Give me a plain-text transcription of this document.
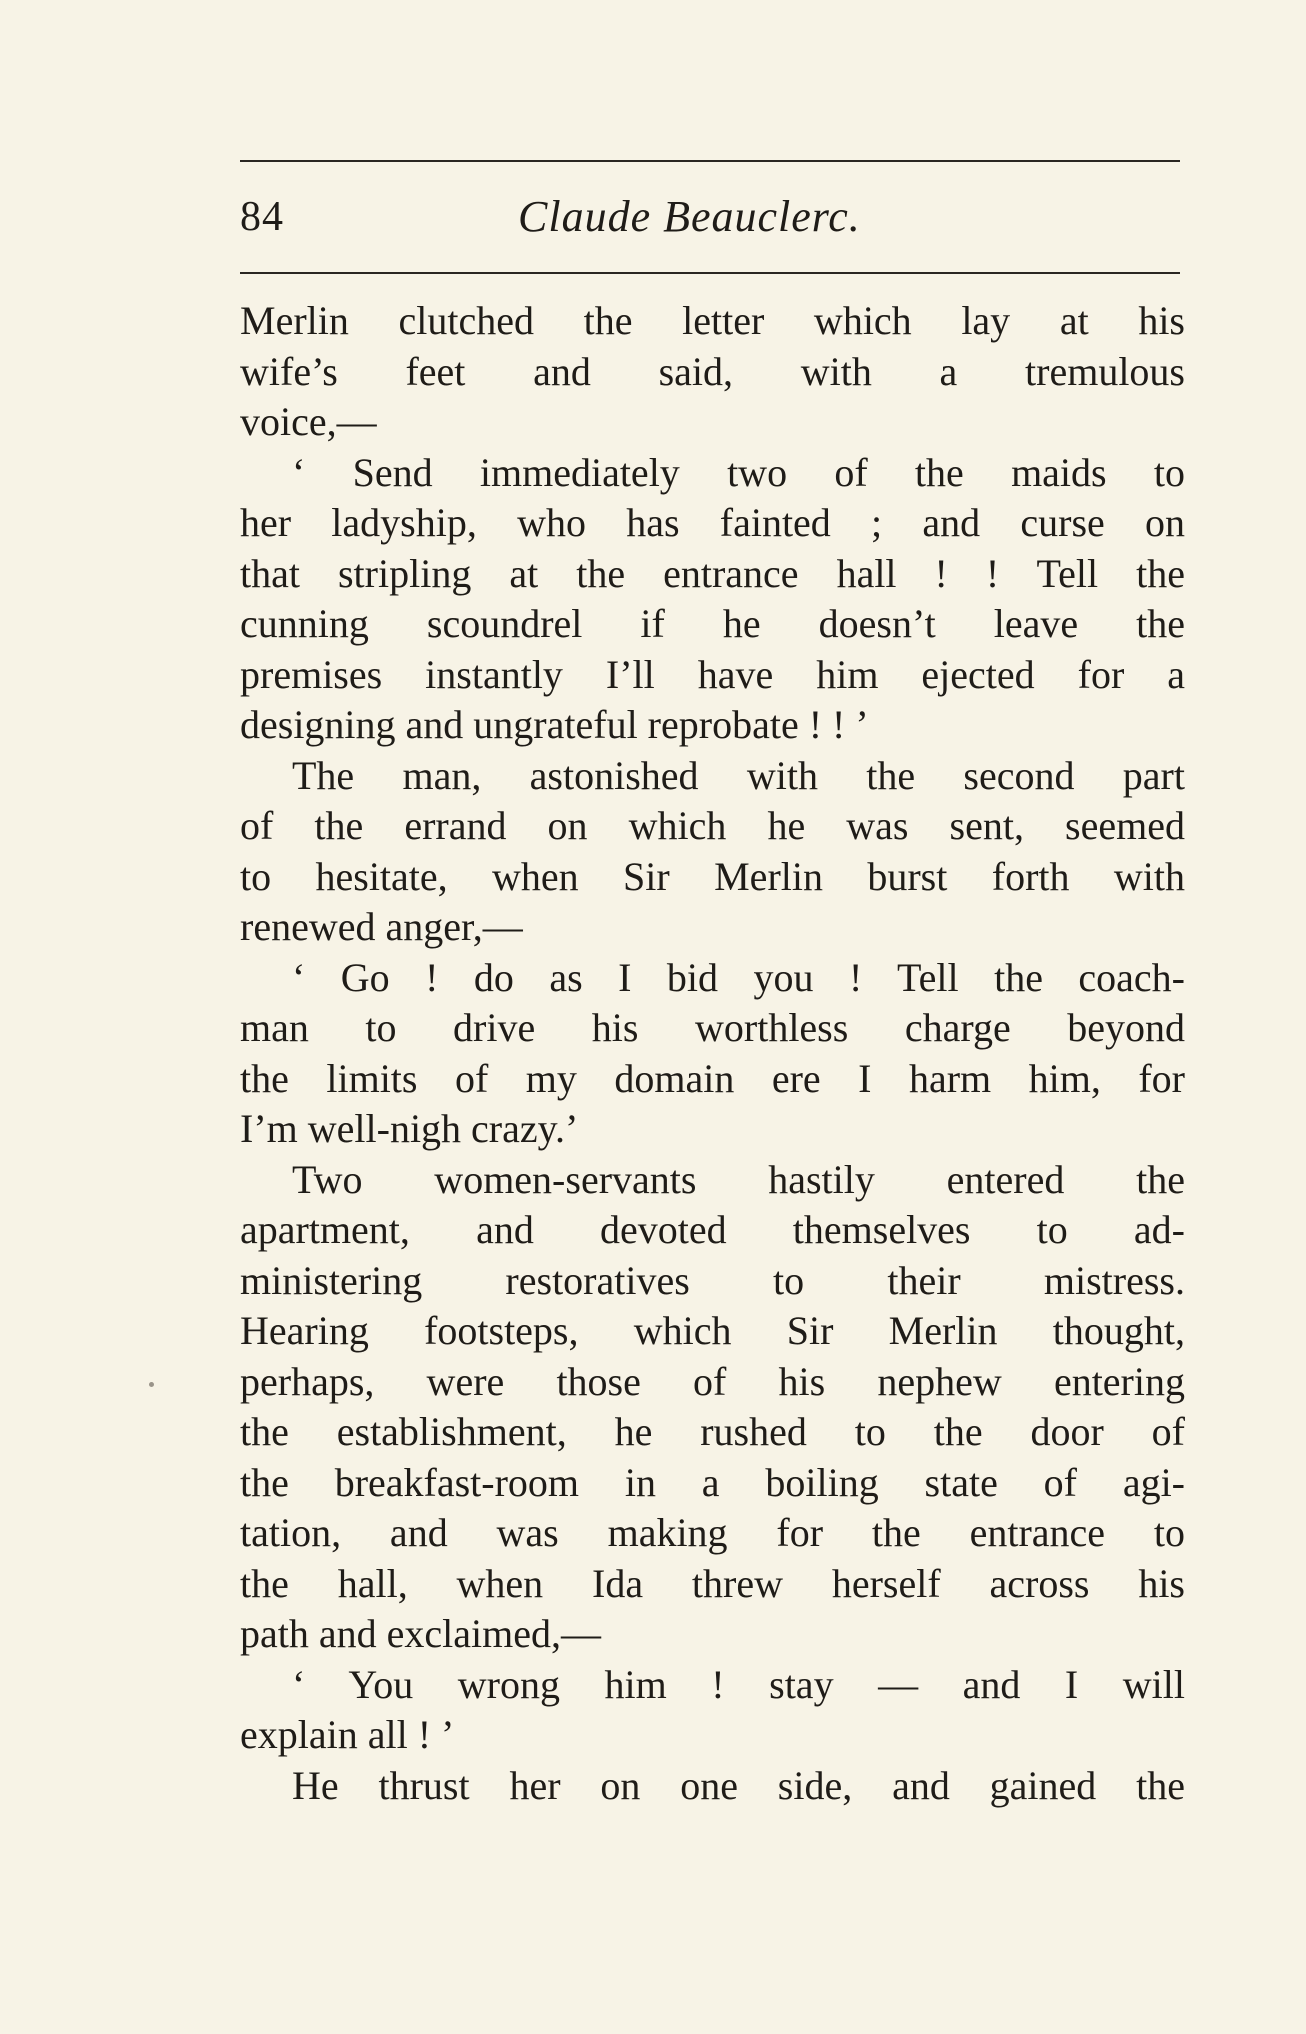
84	Claude Beauclerc.
Merlin clutched the letter which lay at his
wife’s feet and said, with a tremulous
voice,—
‘ Send immediately two of the maids to
her ladyship, who has fainted ; and curse on
that stripling at the entrance hall ! ! Tell the
cunning scoundrel if he doesn’t leave the
premises instantly I’ll have him ejected for a
designing and ungrateful reprobate ! ! ’
The man, astonished with the second part
of the errand on which he was sent, seemed
to hesitate, when Sir Merlin burst forth with
renewed anger,—
‘ Go ! do as I bid you ! Tell the coach-
man to drive his worthless charge beyond
the limits of my domain ere I harm him, for
I’m well-nigh crazy.’
Two women-servants hastily entered the
apartment, and devoted themselves to ad-
ministering restoratives to their mistress.
Hearing footsteps, which Sir Merlin thought,
perhaps, were those of his nephew entering
the establishment, he rushed to the door of
the breakfast-room in a boiling state of agi-
tation, and was making for the entrance to
the hall, when Ida threw herself across his
path and exclaimed,—
‘ You wrong him ! stay — and I will
explain all ! ’
He thrust her on one side, and gained the
